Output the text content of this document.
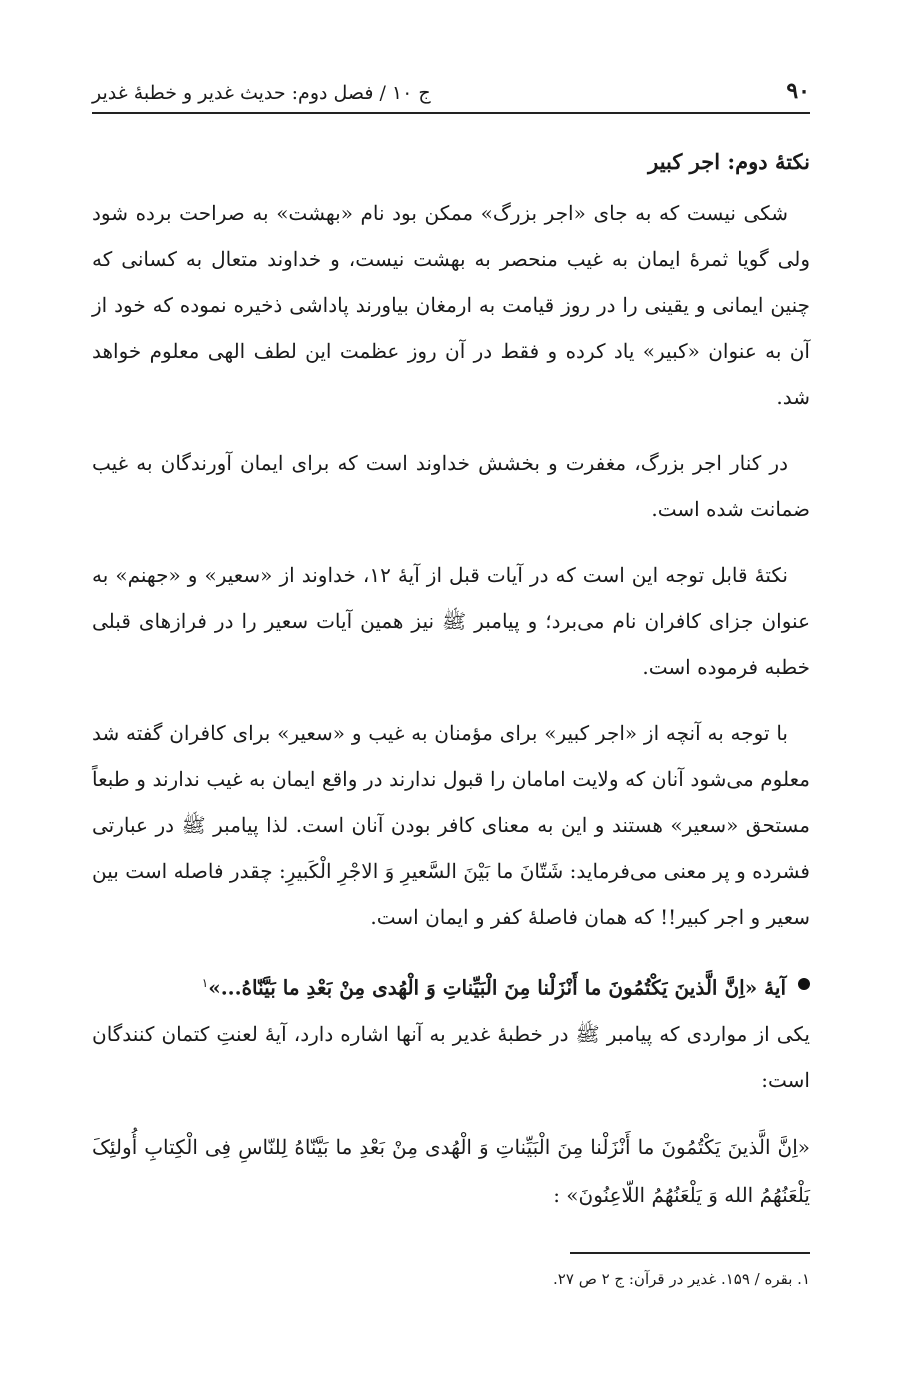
۹۰
ج ۱۰ / فصل دوم: حدیث غدیر و خطبهٔ غدیر
نکتهٔ دوم: اجر کبیر

شکی نیست که به جای «اجر بزرگ» ممکن بود نام «بهشت» به صراحت برده شود ولی گویا ثمرهٔ ایمان به غیب منحصر به بهشت نیست، و خداوند متعال به کسانی که چنین ایمانی و یقینی را در روز قیامت به ارمغان بیاورند پاداشی ذخیره نموده که خود از آن به عنوان «کبیر» یاد کرده و فقط در آن روز عظمت این لطف الهی معلوم خواهد شد.

در کنار اجر بزرگ، مغفرت و بخشش خداوند است که برای ایمان آورندگان به غیب ضمانت شده است.

نکتهٔ قابل توجه این است که در آیات قبل از آیهٔ ۱۲، خداوند از «سعیر» و «جهنم» به عنوان جزای کافران نام می‌برد؛ و پیامبر ﷺ نیز همین آیات سعیر را در فرازهای قبلی خطبه فرموده است.

با توجه به آنچه از «اجر کبیر» برای مؤمنان به غیب و «سعیر» برای کافران گفته شد معلوم می‌شود آنان که ولایت امامان را قبول ندارند در واقع ایمان به غیب ندارند و طبعاً مستحق «سعیر» هستند و این به معنای کافر بودن آنان است. لذا پیامبر ﷺ در عبارتی فشرده و پر معنی می‌فرماید: شَتّانَ ما بَیْنَ السَّعیرِ وَ الاجْرِ الْکَبیرِ: چقدر فاصله است بین سعیر و اجر کبیر!! که همان فاصلهٔ کفر و ایمان است.

آیهٔ «اِنَّ الَّذینَ یَکْتُمُونَ ما أَنْزَلْنا مِنَ الْبَیِّناتِ وَ الْهُدی مِنْ بَعْدِ ما بَیَّنّاهُ...»$^۱$

یکی از مواردی که پیامبر ﷺ در خطبهٔ غدیر به آنها اشاره دارد، آیهٔ لعنتِ کتمان کنندگان است:

«اِنَّ الَّذینَ یَکْتُمُونَ ما أَنْزَلْنا مِنَ الْبَیِّناتِ وَ الْهُدی مِنْ بَعْدِ ما بَیَّنّاهُ لِلنّاسِ فِی الْکِتابِ أُولئِکَ یَلْعَنُهُمُ الله وَ یَلْعَنُهُمُ اللّاعِنُونَ» :

۱. بقره / ۱۵۹. غدیر در قرآن: ج ۲ ص ۲۷.
